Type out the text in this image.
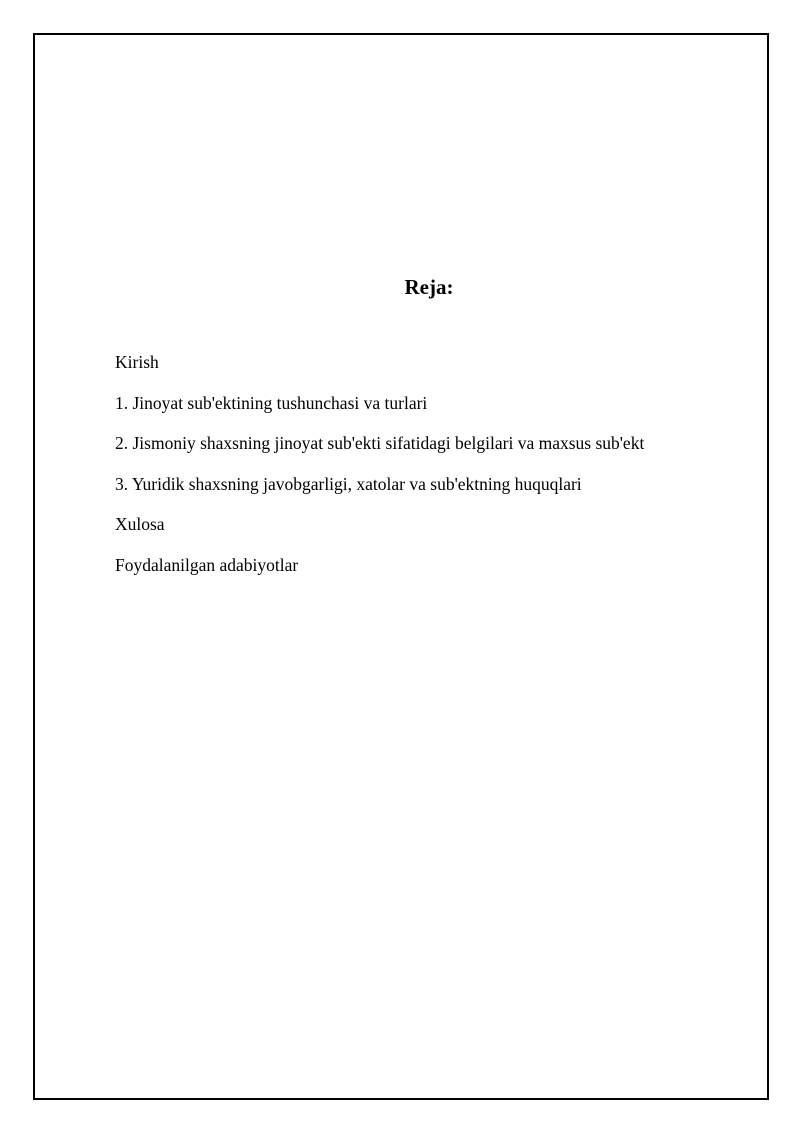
Reja:
Kirish
1. Jinoyat sub'ektining tushunchasi va turlari
2. Jismoniy shaxsning jinoyat sub'ekti sifatidagi belgilari va maxsus sub'ekt
3. Yuridik shaxsning javobgarligi, xatolar va sub'ektning huquqlari
Xulosa
Foydalanilgan adabiyotlar
